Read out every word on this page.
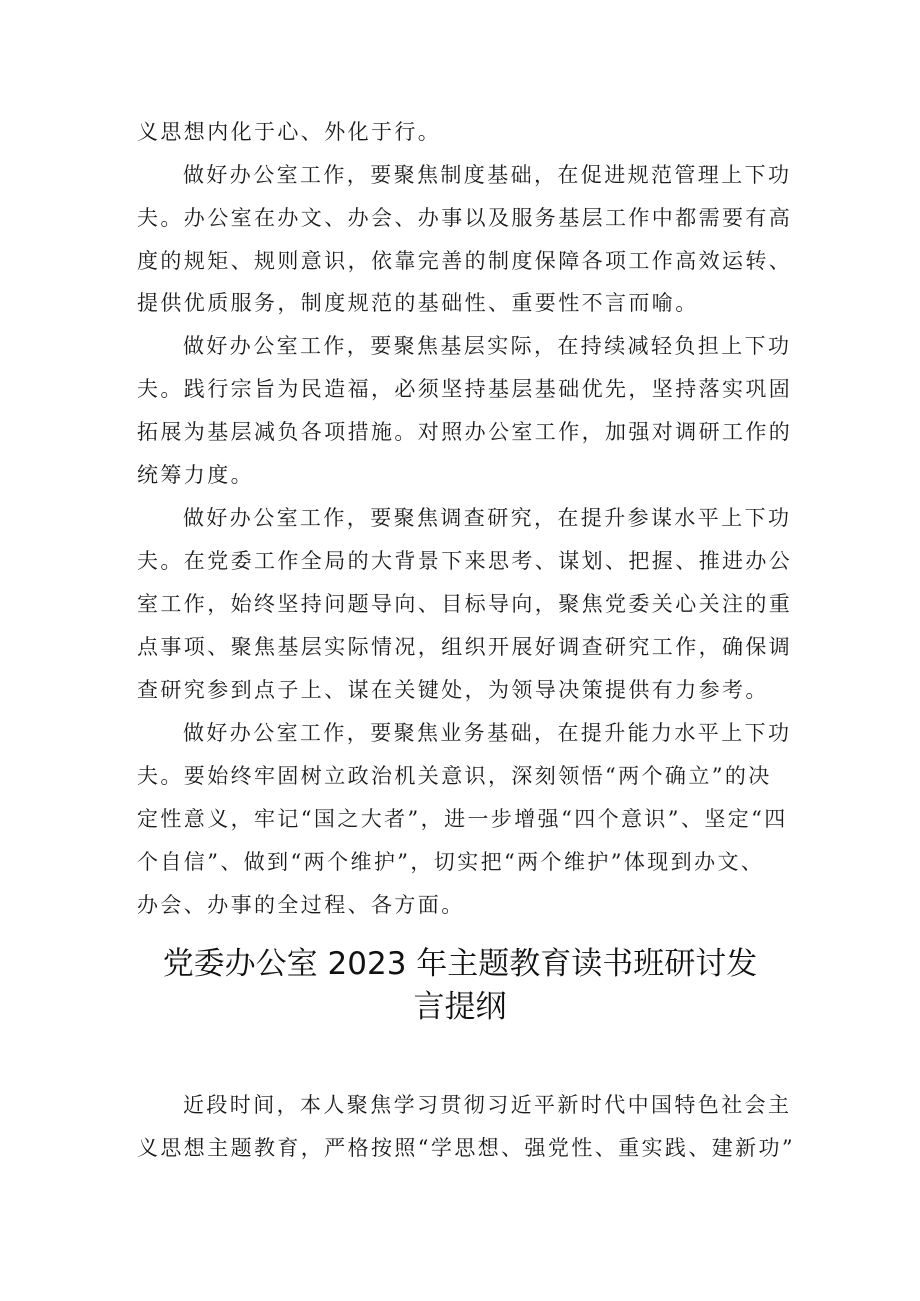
义思想内化于心、外化于行。
做好办公室工作，要聚焦制度基础，在促进规范管理上下功
夫。办公室在办文、办会、办事以及服务基层工作中都需要有高
度的规矩、规则意识，依靠完善的制度保障各项工作高效运转、
提供优质服务，制度规范的基础性、重要性不言而喻。
做好办公室工作，要聚焦基层实际，在持续减轻负担上下功
夫。践行宗旨为民造福，必须坚持基层基础优先，坚持落实巩固
拓展为基层减负各项措施。对照办公室工作，加强对调研工作的
统筹力度。
做好办公室工作，要聚焦调查研究，在提升参谋水平上下功
夫。在党委工作全局的大背景下来思考、谋划、把握、推进办公
室工作，始终坚持问题导向、目标导向，聚焦党委关心关注的重
点事项、聚焦基层实际情况，组织开展好调查研究工作，确保调
查研究参到点子上、谋在关键处，为领导决策提供有力参考。
做好办公室工作，要聚焦业务基础，在提升能力水平上下功
夫。要始终牢固树立政治机关意识，深刻领悟“两个确立”的决
定性意义，牢记“国之大者”，进一步增强“四个意识”、坚定“四
个自信”、做到“两个维护”，切实把“两个维护”体现到办文、
办会、办事的全过程、各方面。
党委办公室 2023 年主题教育读书班研讨发
言提纲
近段时间，本人聚焦学习贯彻习近平新时代中国特色社会主
义思想主题教育，严格按照“学思想、强党性、重实践、建新功”
